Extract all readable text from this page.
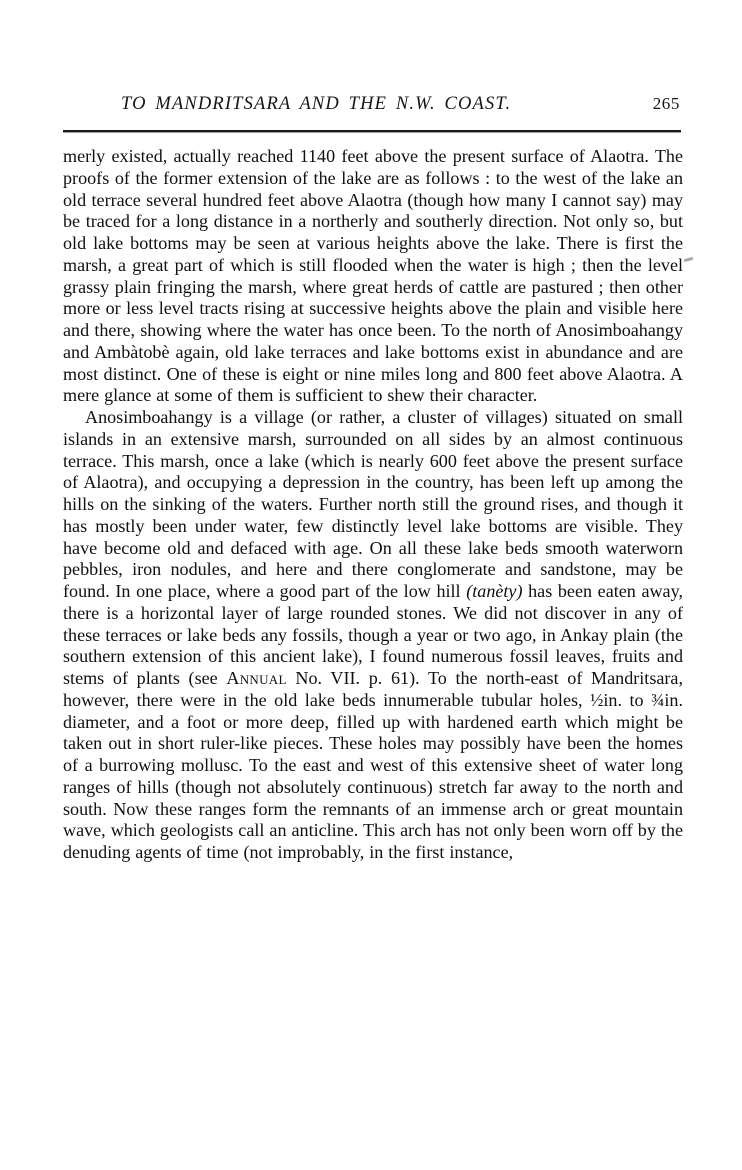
TO MANDRITSARA AND THE N.W. COAST.	265

merly existed, actually reached 1140 feet above the present surface of Alaotra. The proofs of the former extension of the lake are as follows : to the west of the lake an old terrace several hundred feet above Alaotra (though how many I cannot say) may be traced for a long distance in a northerly and southerly direction. Not only so, but old lake bottoms may be seen at various heights above the lake. There is first the marsh, a great part of which is still flooded when the water is high ; then the level grassy plain fringing the marsh, where great herds of cattle are pastured ; then other more or less level tracts rising at successive heights above the plain and visible here and there, showing where the water has once been. To the north of Anosimboahangy and Ambàtobè again, old lake terraces and lake bottoms exist in abundance and are most distinct. One of these is eight or nine miles long and 800 feet above Alaotra. A mere glance at some of them is sufficient to shew their character.

Anosimboahangy is a village (or rather, a cluster of villages) situated on small islands in an extensive marsh, surrounded on all sides by an almost continuous terrace. This marsh, once a lake (which is nearly 600 feet above the present surface of Alaotra), and occupying a depression in the country, has been left up among the hills on the sinking of the waters. Further north still the ground rises, and though it has mostly been under water, few distinctly level lake bottoms are visible. They have become old and defaced with age. On all these lake beds smooth waterworn pebbles, iron nodules, and here and there conglomerate and sandstone, may be found. In one place, where a good part of the low hill (tanèty) has been eaten away, there is a horizontal layer of large rounded stones. We did not discover in any of these terraces or lake beds any fossils, though a year or two ago, in Ankay plain (the southern extension of this ancient lake), I found numerous fossil leaves, fruits and stems of plants (see Annual No. VII. p. 61). To the north-east of Mandritsara, however, there were in the old lake beds innumerable tubular holes, ½in. to ¾in. diameter, and a foot or more deep, filled up with hardened earth which might be taken out in short ruler-like pieces. These holes may possibly have been the homes of a burrowing mollusc. To the east and west of this extensive sheet of water long ranges of hills (though not absolutely continuous) stretch far away to the north and south. Now these ranges form the remnants of an immense arch or great mountain wave, which geologists call an anticline. This arch has not only been worn off by the denuding agents of time (not improbably, in the first instance,
